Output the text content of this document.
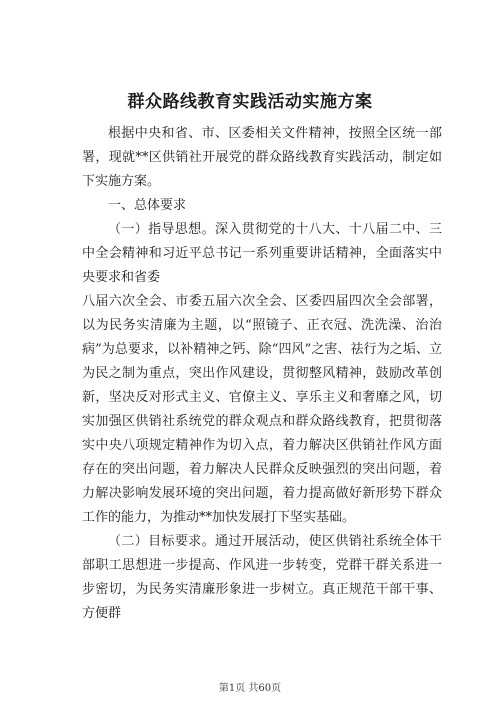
群众路线教育实践活动实施方案

根据中央和省、市、区委相关文件精神，按照全区统一部署，现就**区供销社开展党的群众路线教育实践活动，制定如下实施方案。

一、总体要求

（一）指导思想。深入贯彻党的十八大、十八届二中、三中全会精神和习近平总书记一系列重要讲话精神，全面落实中央要求和省委

八届六次全会、市委五届六次全会、区委四届四次全会部署，以为民务实清廉为主题，以“照镜子、正衣冠、洗洗澡、治治病”为总要求，以补精神之钙、除“四风”之害、祛行为之垢、立为民之制为重点，突出作风建设，贯彻整风精神，鼓励改革创新，坚决反对形式主义、官僚主义、享乐主义和奢靡之风，切实加强区供销社系统党的群众观点和群众路线教育，把贯彻落实中央八项规定精神作为切入点，着力解决区供销社作风方面存在的突出问题，着力解决人民群众反映强烈的突出问题，着力解决影响发展环境的突出问题，着力提高做好新形势下群众工作的能力，为推动**加快发展打下坚实基础。

（二）目标要求。通过开展活动，使区供销社系统全体干部职工思想进一步提高、作风进一步转变，党群干群关系进一步密切，为民务实清廉形象进一步树立。真正规范干部干事、方便群

第1页 共60页
